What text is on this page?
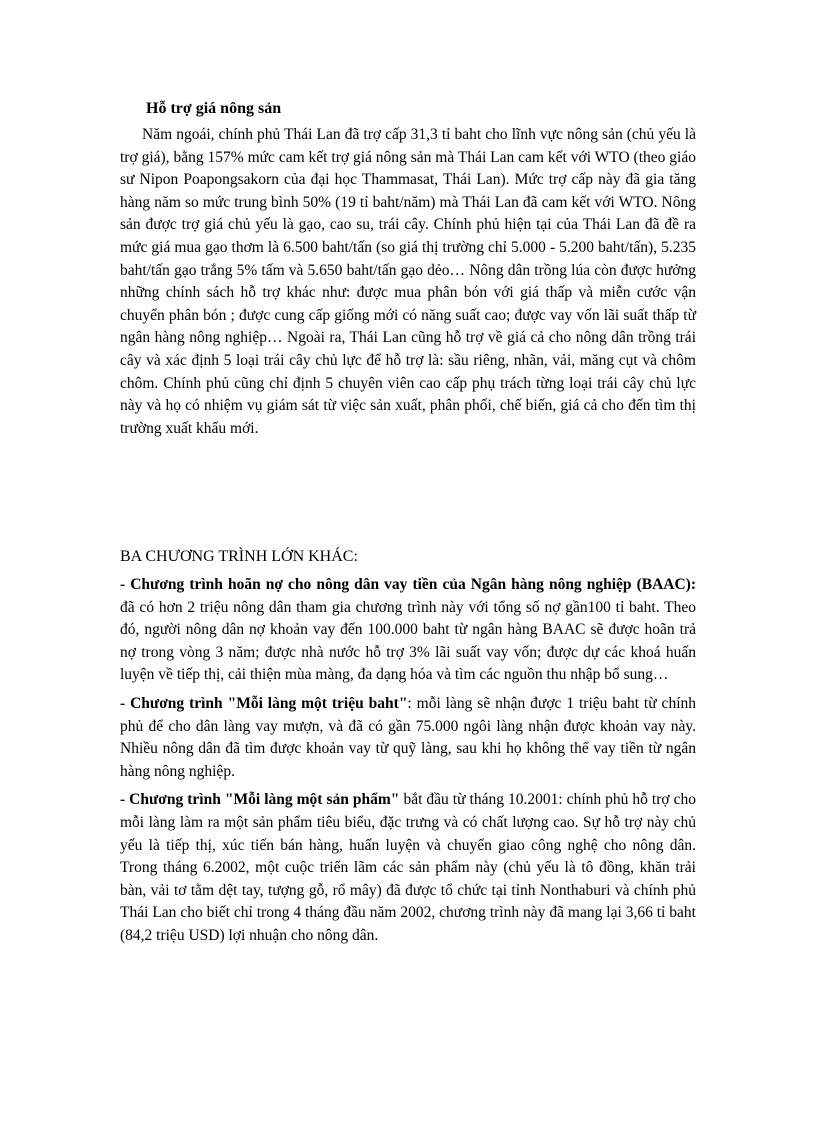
Hỗ trợ giá nông sản

Năm ngoái, chính phủ Thái Lan đã trợ cấp 31,3 tỉ baht cho lĩnh vực nông sản (chủ yếu là trợ giá), bằng 157% mức cam kết trợ giá nông sản mà Thái Lan cam kết với WTO (theo giáo sư Nipon Poapongsakorn của đại học Thammasat, Thái Lan). Mức trợ cấp này đã gia tăng hàng năm so mức trung bình 50% (19 tỉ baht/năm) mà Thái Lan đã cam kết với WTO. Nông sản được trợ giá chủ yếu là gạo, cao su, trái cây. Chính phủ hiện tại của Thái Lan đã đề ra mức giá mua gạo thơm là 6.500 baht/tấn (so giá thị trường chỉ 5.000 - 5.200 baht/tấn), 5.235 baht/tấn gạo trắng 5% tấm và 5.650 baht/tấn gạo dẻo… Nông dân trồng lúa còn được hưởng những chính sách hỗ trợ khác như: được mua phân bón với giá thấp và miễn cước vận chuyển phân bón ; được cung cấp giống mới có năng suất cao; được vay vốn lãi suất thấp từ ngân hàng nông nghiệp… Ngoài ra, Thái Lan cũng hỗ trợ về giá cả cho nông dân trồng trái cây và xác định 5 loại trái cây chủ lực để hỗ trợ là: sầu riêng, nhãn, vải, măng cụt và chôm chôm. Chính phủ cũng chỉ định 5 chuyên viên cao cấp phụ trách từng loại trái cây chủ lực này và họ có nhiệm vụ giám sát từ việc sản xuất, phân phối, chế biến, giá cả cho đến tìm thị trường xuất khẩu mới.

BA CHƯƠNG TRÌNH LỚN KHÁC:

- Chương trình hoãn nợ cho nông dân vay tiền của Ngân hàng nông nghiệp (BAAC): đã có hơn 2 triệu nông dân tham gia chương trình này với tổng số nợ gần100 tỉ baht. Theo đó, người nông dân nợ khoản vay đến 100.000 baht từ ngân hàng BAAC sẽ được hoãn trả nợ trong vòng 3 năm; được nhà nước hỗ trợ 3% lãi suất vay vốn; được dự các khoá huấn luyện về tiếp thị, cải thiện mùa màng, đa dạng hóa và tìm các nguồn thu nhập bổ sung…

- Chương trình "Mỗi làng một triệu baht": mỗi làng sẽ nhận được 1 triệu baht từ chính phủ để cho dân làng vay mượn, và đã có gần 75.000 ngôi làng nhận được khoản vay này. Nhiều nông dân đã tìm được khoản vay từ quỹ làng, sau khi họ không thể vay tiền từ ngân hàng nông nghiệp.

- Chương trình "Mỗi làng một sản phẩm" bắt đầu từ tháng 10.2001: chính phủ hỗ trợ cho mỗi làng làm ra một sản phẩm tiêu biểu, đặc trưng và có chất lượng cao. Sự hỗ trợ này chủ yếu là tiếp thị, xúc tiến bán hàng, huấn luyện và chuyển giao công nghệ cho nông dân. Trong tháng 6.2002, một cuộc triển lãm các sản phẩm này (chủ yếu là tô đồng, khăn trải bàn, vải tơ tằm dệt tay, tượng gỗ, rổ mây) đã được tổ chức tại tỉnh Nonthaburi và chính phủ Thái Lan cho biết chỉ trong 4 tháng đầu năm 2002, chương trình này đã mang lại 3,66 tỉ baht (84,2 triệu USD) lợi nhuận cho nông dân.
